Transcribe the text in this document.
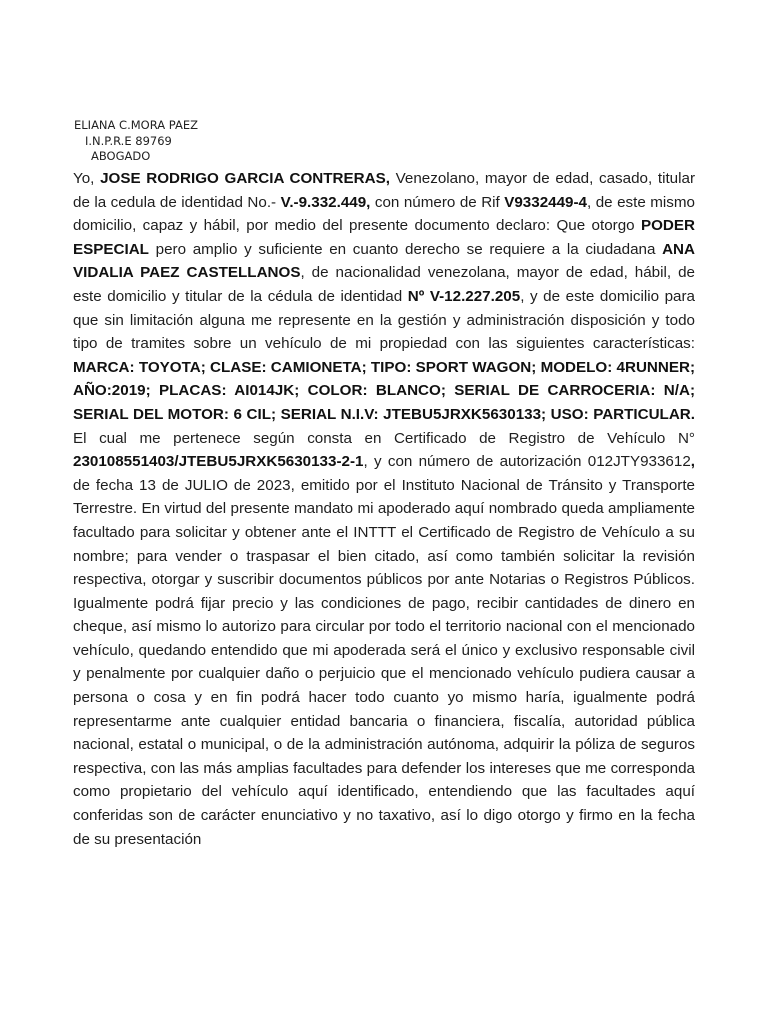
ELIANA C.MORA PAEZ
I.N.P.R.E 89769
ABOGADO

Yo, JOSE RODRIGO GARCIA CONTRERAS, Venezolano, mayor de edad, casado, titular de la cedula de identidad No.- V.-9.332.449, con número de Rif V9332449-4, de este mismo domicilio, capaz y hábil, por medio del presente documento declaro: Que otorgo PODER ESPECIAL pero amplio y suficiente en cuanto derecho se requiere a la ciudadana ANA VIDALIA PAEZ CASTELLANOS, de nacionalidad venezolana, mayor de edad, hábil, de este domicilio y titular de la cédula de identidad Nº V-12.227.205, y de este domicilio para que sin limitación alguna me represente en la gestión y administración disposición y todo tipo de tramites sobre un vehículo de mi propiedad con las siguientes características: MARCA: TOYOTA; CLASE: CAMIONETA; TIPO: SPORT WAGON; MODELO: 4RUNNER; AÑO:2019; PLACAS: AI014JK; COLOR: BLANCO; SERIAL DE CARROCERIA: N/A; SERIAL DEL MOTOR: 6 CIL; SERIAL N.I.V: JTEBU5JRXK5630133; USO: PARTICULAR. El cual me pertenece según consta en Certificado de Registro de Vehículo N° 230108551403/JTEBU5JRXK5630133-2-1, y con número de autorización 012JTY933612, de fecha 13 de JULIO de 2023, emitido por el Instituto Nacional de Tránsito y Transporte Terrestre. En virtud del presente mandato mi apoderado aquí nombrado queda ampliamente facultado para solicitar y obtener ante el INTTT el Certificado de Registro de Vehículo a su nombre; para vender o traspasar el bien citado, así como también solicitar la revisión respectiva, otorgar y suscribir documentos públicos por ante Notarias o Registros Públicos. Igualmente podrá fijar precio y las condiciones de pago, recibir cantidades de dinero en cheque, así mismo lo autorizo para circular por todo el territorio nacional con el mencionado vehículo, quedando entendido que mi apoderada será el único y exclusivo responsable civil y penalmente por cualquier daño o perjuicio que el mencionado vehículo pudiera causar a persona o cosa y en fin podrá hacer todo cuanto yo mismo haría, igualmente podrá representarme ante cualquier entidad bancaria o financiera, fiscalía, autoridad pública nacional, estatal o municipal, o de la administración autónoma, adquirir la póliza de seguros respectiva, con las más amplias facultades para defender los intereses que me corresponda como propietario del vehículo aquí identificado, entendiendo que las facultades aquí conferidas son de carácter enunciativo y no taxativo, así lo digo otorgo y firmo en la fecha de su presentación
